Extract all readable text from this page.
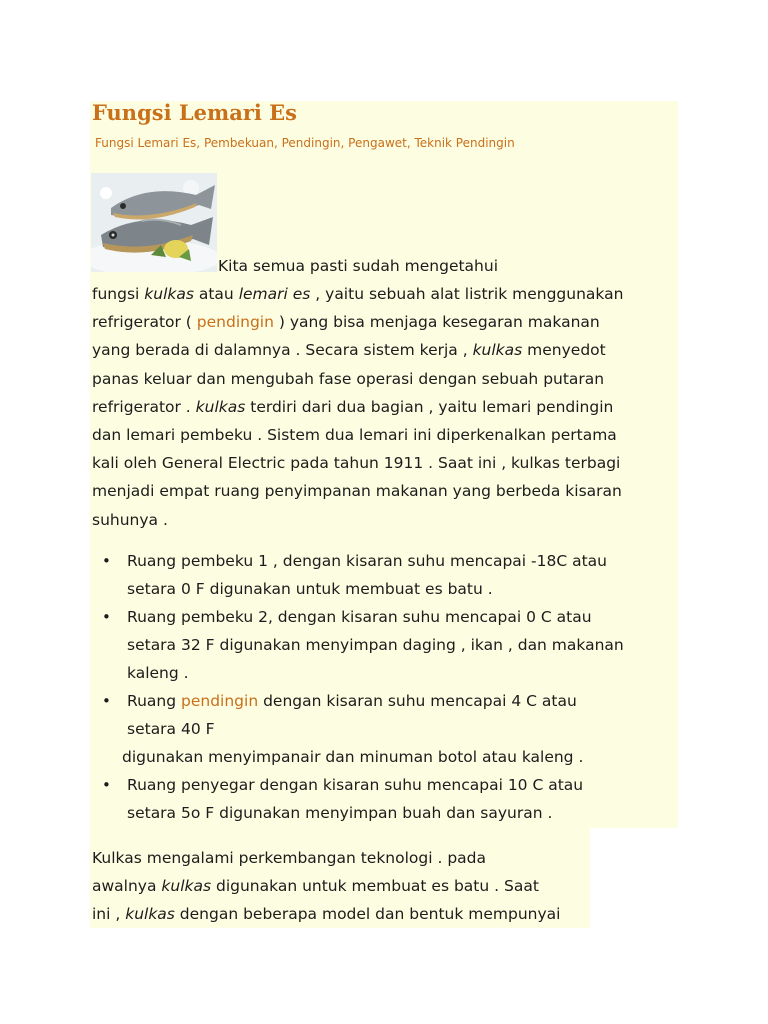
Fungsi Lemari Es
Fungsi Lemari Es, Pembekuan, Pendingin, Pengawet, Teknik Pendingin
Kita semua pasti sudah mengetahui

fungsi kulkas atau lemari es , yaitu sebuah alat listrik menggunakan
refrigerator ( pendingin ) yang bisa menjaga kesegaran makanan
yang berada di dalamnya . Secara sistem kerja , kulkas menyedot
panas keluar dan mengubah fase operasi dengan sebuah putaran
refrigerator . kulkas terdiri dari dua bagian , yaitu lemari pendingin
dan lemari pembeku . Sistem dua lemari ini diperkenalkan pertama
kali oleh General Electric pada tahun 1911 . Saat ini , kulkas terbagi
menjadi empat ruang penyimpanan makanan yang berbeda kisaran
suhunya .

• Ruang pembeku 1 , dengan kisaran suhu mencapai -18C atau
setara 0 F digunakan untuk membuat es batu .
• Ruang pembeku 2, dengan kisaran suhu mencapai 0 C atau
setara 32 F digunakan menyimpan daging , ikan , dan makanan
kaleng .
• Ruang pendingin dengan kisaran suhu mencapai 4 C atau
setara 40 F
digunakan menyimpanair dan minuman botol atau kaleng .
• Ruang penyegar dengan kisaran suhu mencapai 10 C atau
setara 5o F digunakan menyimpan buah dan sayuran .

Kulkas mengalami perkembangan teknologi . pada
awalnya kulkas digunakan untuk membuat es batu . Saat
ini , kulkas dengan beberapa model dan bentuk mempunyai
